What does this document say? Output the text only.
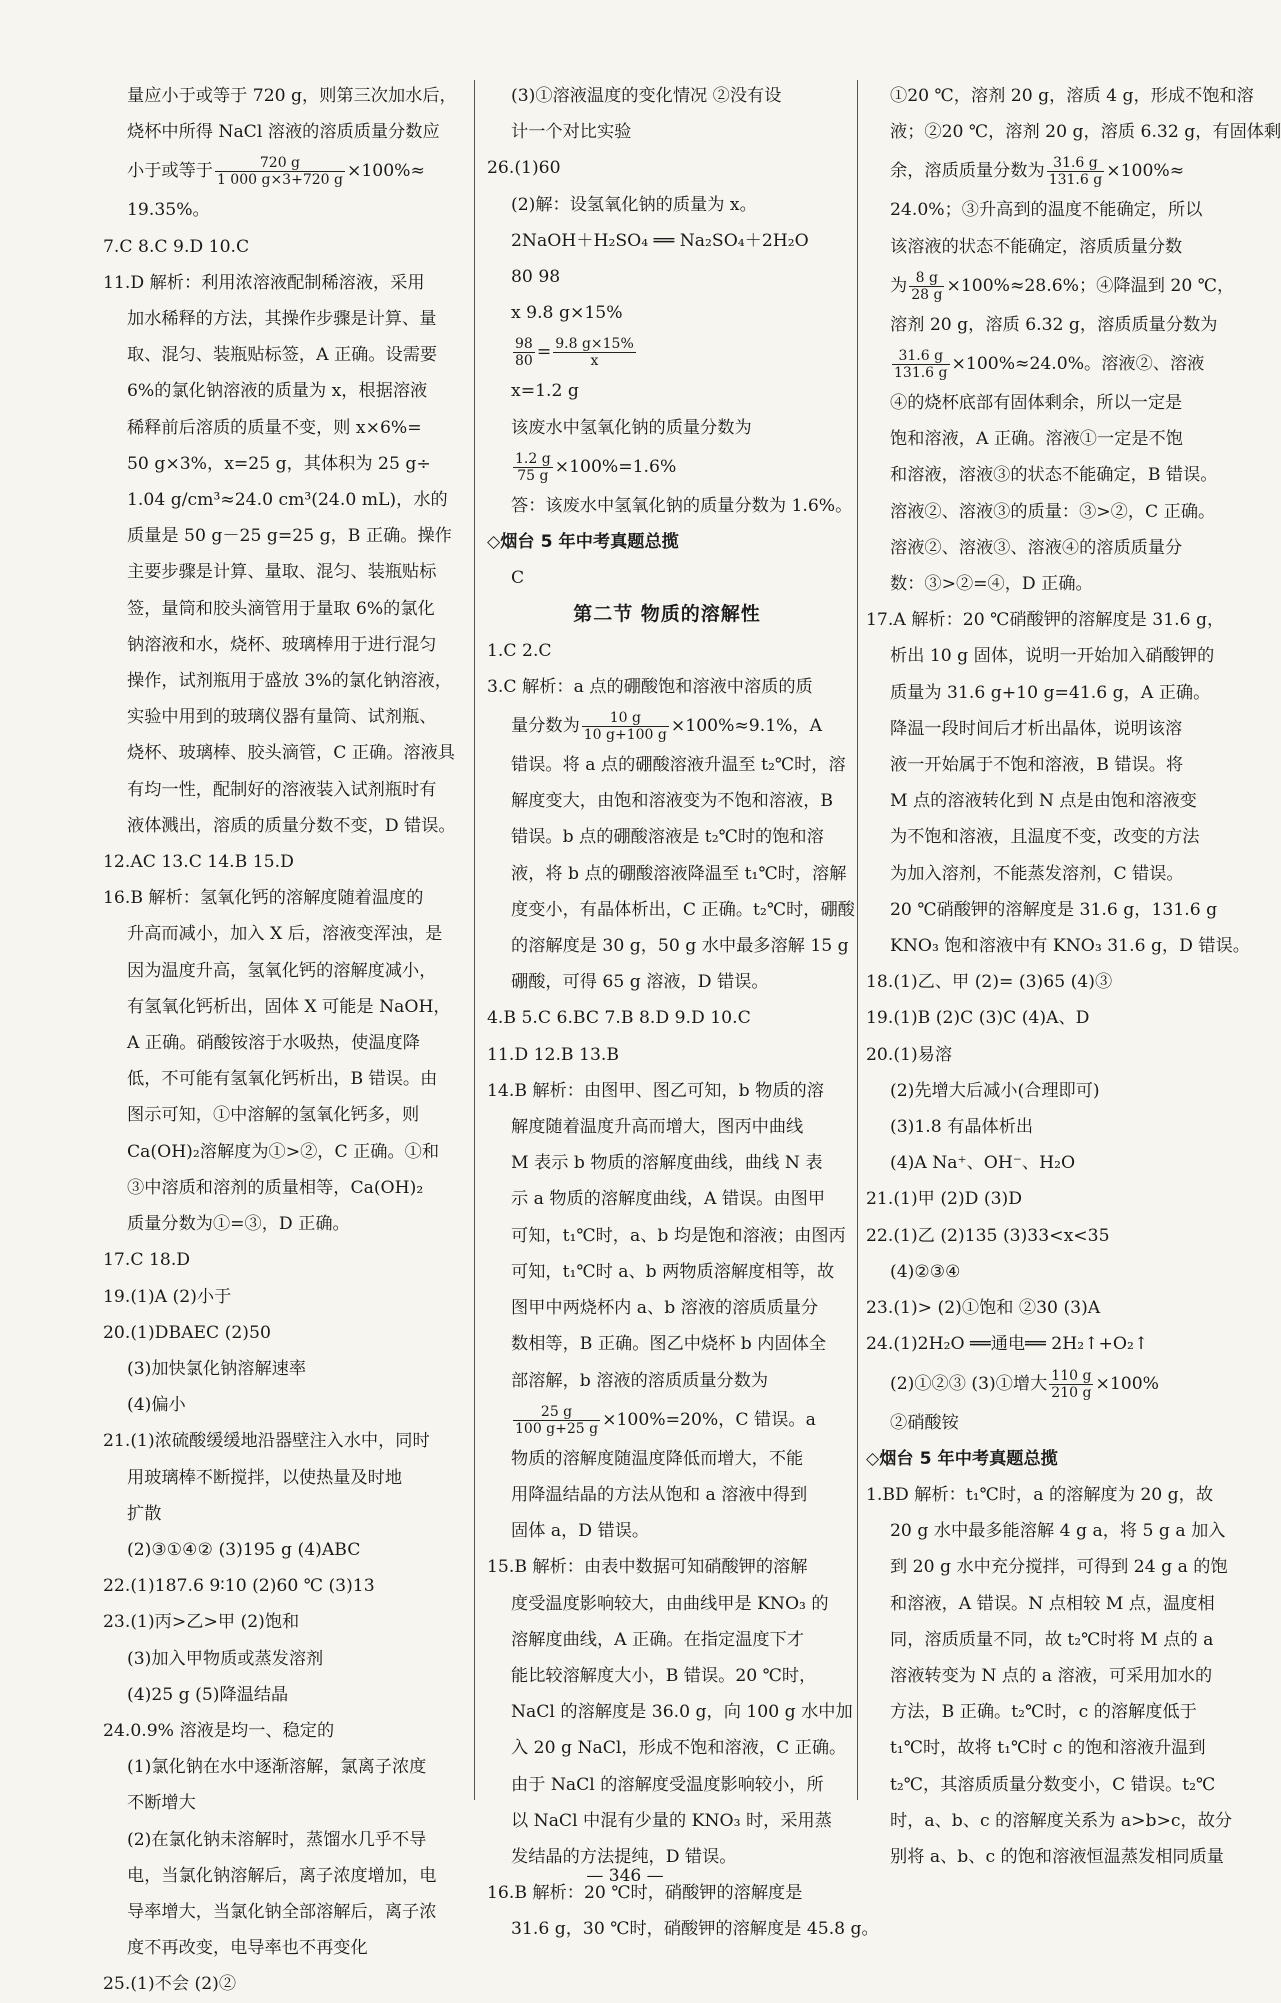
量应小于或等于 720 g，则第三次加水后，
烧杯中所得 NaCl 溶液的溶质质量分数应
小于或等于 $\frac{720 g}{1 000 g\times 3+720 g} \times 100\%\approx$
19.35%。
7.C 8.C 9.D 10.C
11.D 解析：利用浓溶液配制稀溶液，采用
加水稀释的方法，其操作步骤是计算、量
取、混匀、装瓶贴标签，A 正确。设需要
6%的氯化钠溶液的质量为 x，根据溶液
稀释前后溶质的质量不变，则 x×6%=
50 g×3%，x=25 g，其体积为 25 g÷
1.04 g/cm³≈24.0 cm³(24.0 mL)，水的
质量是 50 g－25 g=25 g，B 正确。操作
主要步骤是计算、量取、混匀、装瓶贴标
签，量筒和胶头滴管用于量取 6%的氯化
钠溶液和水，烧杯、玻璃棒用于进行混匀
操作，试剂瓶用于盛放 3%的氯化钠溶液，
实验中用到的玻璃仪器有量筒、试剂瓶、
烧杯、玻璃棒、胶头滴管，C 正确。溶液具
有均一性，配制好的溶液装入试剂瓶时有
液体溅出，溶质的质量分数不变，D 错误。
12.AC 13.C 14.B 15.D
16.B 解析：氢氧化钙的溶解度随着温度的
升高而减小，加入 X 后，溶液变浑浊，是
因为温度升高，氢氧化钙的溶解度减小，
有氢氧化钙析出，固体 X 可能是 NaOH，
A 正确。硝酸铵溶于水吸热，使温度降
低，不可能有氢氧化钙析出，B 错误。由
图示可知，①中溶解的氢氧化钙多，则
Ca(OH)₂溶解度为①>②，C 正确。①和
③中溶质和溶剂的质量相等，Ca(OH)₂
质量分数为①=③，D 正确。
17.C 18.D
19.(1)A (2)小于
20.(1)DBAEC (2)50
(3)加快氯化钠溶解速率
(4)偏小
21.(1)浓硫酸缓缓地沿器壁注入水中，同时
用玻璃棒不断搅拌，以使热量及时地
扩散
(2)③①④② (3)195 g (4)ABC
22.(1)187.6 9∶10 (2)60 ℃ (3)13
23.(1)丙>乙>甲 (2)饱和
(3)加入甲物质或蒸发溶剂
(4)25 g (5)降温结晶
24.0.9% 溶液是均一、稳定的
(1)氯化钠在水中逐渐溶解，氯离子浓度
不断增大
(2)在氯化钠未溶解时，蒸馏水几乎不导
电，当氯化钠溶解后，离子浓度增加，电
导率增大，当氯化钠全部溶解后，离子浓
度不再改变，电导率也不再变化
25.(1)不会 (2)②
(3)①溶液温度的变化情况 ②没有设
计一个对比实验
26.(1)60
(2)解：设氢氧化钠的质量为 x。
2NaOH＋H₂SO₄ ══ Na₂SO₄＋2H₂O
80 98
x 9.8 g×15%
$\frac{98}{80} = \frac{9.8 g\times 15\%}{x}$
x=1.2 g
该废水中氢氧化钠的质量分数为
$\frac{1.2 g}{75 g} \times 100\%=1.6\%$
答：该废水中氢氧化钠的质量分数为 1.6%。
◇烟台 5 年中考真题总揽
C
第二节 物质的溶解性
1.C 2.C
3.C 解析：a 点的硼酸饱和溶液中溶质的质
量分数为 $\frac{10 g}{10 g+100 g} \times 100\%\approx 9.1\%$，A
错误。将 a 点的硼酸溶液升温至 t₂℃时，溶
解度变大，由饱和溶液变为不饱和溶液，B
错误。b 点的硼酸溶液是 t₂℃时的饱和溶
液，将 b 点的硼酸溶液降温至 t₁℃时，溶解
度变小，有晶体析出，C 正确。t₂℃时，硼酸
的溶解度是 30 g，50 g 水中最多溶解 15 g
硼酸，可得 65 g 溶液，D 错误。
4.B 5.C 6.BC 7.B 8.D 9.D 10.C
11.D 12.B 13.B
14.B 解析：由图甲、图乙可知，b 物质的溶
解度随着温度升高而增大，图丙中曲线
M 表示 b 物质的溶解度曲线，曲线 N 表
示 a 物质的溶解度曲线，A 错误。由图甲
可知，t₁℃时，a、b 均是饱和溶液；由图丙
可知，t₁℃时 a、b 两物质溶解度相等，故
图甲中两烧杯内 a、b 溶液的溶质质量分
数相等，B 正确。图乙中烧杯 b 内固体全
部溶解，b 溶液的溶质质量分数为
$\frac{25 g}{100 g+25 g} \times 100\%=20\%$，C 错误。a
物质的溶解度随温度降低而增大，不能
用降温结晶的方法从饱和 a 溶液中得到
固体 a，D 错误。
15.B 解析：由表中数据可知硝酸钾的溶解
度受温度影响较大，由曲线甲是 KNO₃ 的
溶解度曲线，A 正确。在指定温度下才
能比较溶解度大小，B 错误。20 ℃时，
NaCl 的溶解度是 36.0 g，向 100 g 水中加
入 20 g NaCl，形成不饱和溶液，C 正确。
由于 NaCl 的溶解度受温度影响较小，所
以 NaCl 中混有少量的 KNO₃ 时，采用蒸
发结晶的方法提纯，D 错误。
16.B 解析：20 ℃时，硝酸钾的溶解度是
31.6 g，30 ℃时，硝酸钾的溶解度是 45.8 g。
①20 ℃，溶剂 20 g，溶质 4 g，形成不饱和溶
液；②20 ℃，溶剂 20 g，溶质 6.32 g，有固体剩
余，溶质质量分数为 $\frac{31.6 g}{131.6 g} \times 100\%\approx$
24.0%；③升高到的温度不能确定，所以
该溶液的状态不能确定，溶质质量分数
为 $\frac{8 g}{28 g} \times 100\%\approx 28.6\%$；④降温到 20 ℃，
溶剂 20 g，溶质 6.32 g，溶质质量分数为
$\frac{31.6 g}{131.6 g} \times 100\%\approx 24.0\%$。溶液②、溶液
④的烧杯底部有固体剩余，所以一定是
饱和溶液，A 正确。溶液①一定是不饱
和溶液，溶液③的状态不能确定，B 错误。
溶液②、溶液③的质量：③>②，C 正确。
溶液②、溶液③、溶液④的溶质质量分
数：③>②=④，D 正确。
17.A 解析：20 ℃硝酸钾的溶解度是 31.6 g，
析出 10 g 固体，说明一开始加入硝酸钾的
质量为 31.6 g+10 g=41.6 g，A 正确。
降温一段时间后才析出晶体，说明该溶
液一开始属于不饱和溶液，B 错误。将
M 点的溶液转化到 N 点是由饱和溶液变
为不饱和溶液，且温度不变，改变的方法
为加入溶剂，不能蒸发溶剂，C 错误。
20 ℃硝酸钾的溶解度是 31.6 g，131.6 g
KNO₃ 饱和溶液中有 KNO₃ 31.6 g，D 错误。
18.(1)乙、甲 (2)= (3)65 (4)③
19.(1)B (2)C (3)C (4)A、D
20.(1)易溶
(2)先增大后减小(合理即可)
(3)1.8 有晶体析出
(4)A Na⁺、OH⁻、H₂O
21.(1)甲 (2)D (3)D
22.(1)乙 (2)135 (3)33<x<35
(4)②③④
23.(1)> (2)①饱和 ②30 (3)A
24.(1)2H₂O ══通电══ 2H₂↑+O₂↑
(2)①②③ (3)①增大 $\frac{110 g}{210 g} \times 100\%$
②硝酸铵
◇烟台 5 年中考真题总揽
1.BD 解析：t₁℃时，a 的溶解度为 20 g，故
20 g 水中最多能溶解 4 g a，将 5 g a 加入
到 20 g 水中充分搅拌，可得到 24 g a 的饱
和溶液，A 错误。N 点相较 M 点，温度相
同，溶质质量不同，故 t₂℃时将 M 点的 a
溶液转变为 N 点的 a 溶液，可采用加水的
方法，B 正确。t₂℃时，c 的溶解度低于
t₁℃时，故将 t₁℃时 c 的饱和溶液升温到
t₂℃，其溶质质量分数变小，C 错误。t₂℃
时，a、b、c 的溶解度关系为 a>b>c，故分
别将 a、b、c 的饱和溶液恒温蒸发相同质量
— 346 —
